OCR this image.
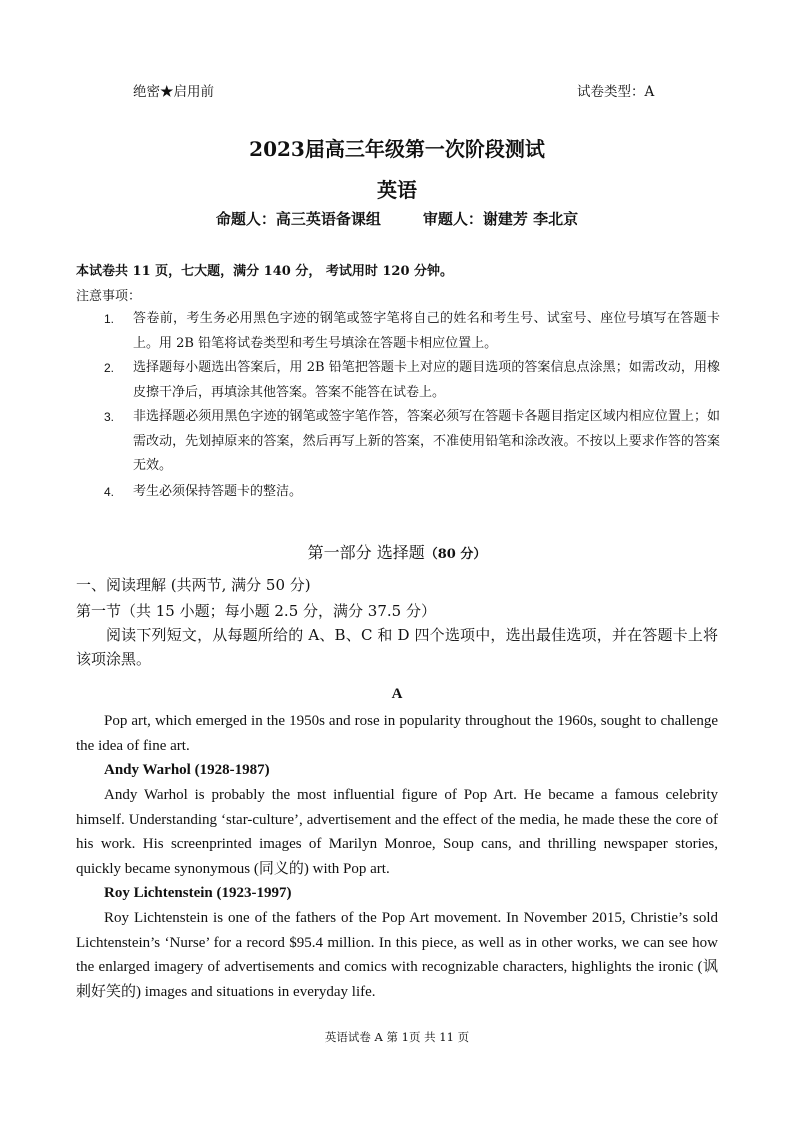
绝密★启用前	试卷类型：A
2023届高三年级第一次阶段测试
英语
命题人：高三英语备课组	审题人：谢建芳 李北京
本试卷共 11 页，七大题，满分 140 分， 考试用时 120 分钟。
注意事项：
1.	答卷前，考生务必用黑色字迹的钢笔或签字笔将自己的姓名和考生号、试室号、座位号填写在答题卡上。用 2B 铅笔将试卷类型和考生号填涂在答题卡相应位置上。
2.	选择题每小题选出答案后，用 2B 铅笔把答题卡上对应的题目选项的答案信息点涂黑；如需改动，用橡皮擦干净后，再填涂其他答案。答案不能答在试卷上。
3.	非选择题必须用黑色字迹的钢笔或签字笔作答，答案必须写在答题卡各题目指定区域内相应位置上；如需改动，先划掉原来的答案，然后再写上新的答案，不准使用铅笔和涂改液。不按以上要求作答的答案无效。
4.	考生必须保持答题卡的整洁。
第一部分 选择题（80 分）
一、阅读理解 (共两节, 满分 50 分)
第一节（共 15 小题；每小题 2.5 分，满分 37.5 分）
阅读下列短文，从每题所给的 A、B、C 和 D 四个选项中，选出最佳选项，并在答题卡上将该项涂黑。
A
Pop art, which emerged in the 1950s and rose in popularity throughout the 1960s, sought to challenge the idea of fine art.
Andy Warhol (1928-1987)
Andy Warhol is probably the most influential figure of Pop Art. He became a famous celebrity himself. Understanding ‘star-culture’, advertisement and the effect of the media, he made these the core of his work. His screenprinted images of Marilyn Monroe, Soup cans, and thrilling newspaper stories, quickly became synonymous (同义的) with Pop art.
Roy Lichtenstein (1923-1997)
Roy Lichtenstein is one of the fathers of the Pop Art movement. In November 2015, Christie’s sold Lichtenstein’s ‘Nurse’ for a record $95.4 million. In this piece, as well as in other works, we can see how the enlarged imagery of advertisements and comics with recognizable characters, highlights the ironic (讽刺好笑的) images and situations in everyday life.
英语试卷 A 第 1页 共 11 页
